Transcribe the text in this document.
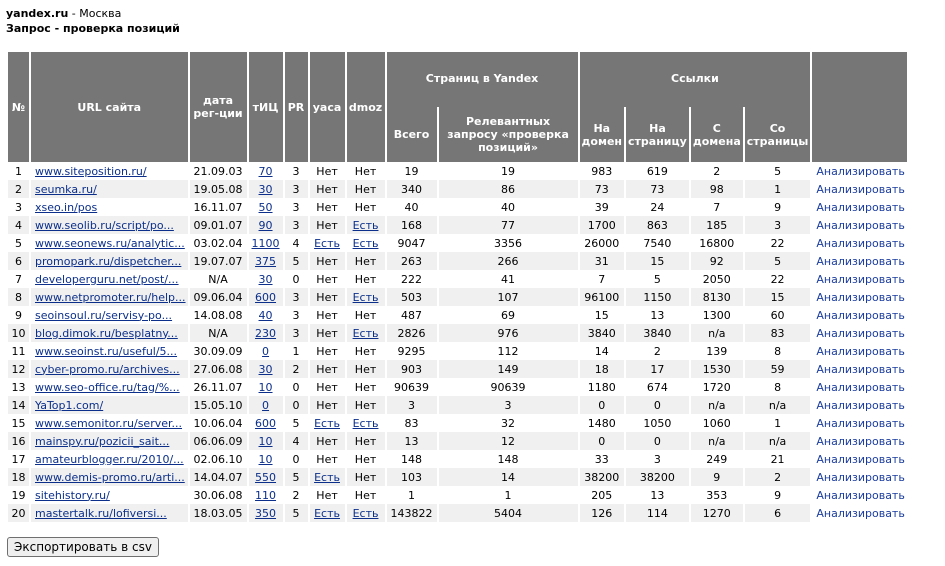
yandex.ru - Москва
Запрос - проверка позиций
№	URL сайта	дата рег-ции	тИЦ	PR	yaca	dmoz	Страниц в Yandex		Ссылки				

							Всего	Релевантных запросу «проверка позиций»	На домен	На страницу	С домена	Со страницы	
1	www.siteposition.ru/	21.09.03	70	3	Нет	Нет	19	19	983	619	2	5	Анализировать
2	seumka.ru/	19.05.08	30	3	Нет	Нет	340	86	73	73	98	1	Анализировать
3	xseo.in/pos	16.11.07	50	3	Нет	Нет	40	40	39	24	7	9	Анализировать
4	www.seolib.ru/script/po...	09.01.07	90	3	Нет	Есть	168	77	1700	863	185	3	Анализировать
5	www.seonews.ru/analytic...	03.02.04	1100	4	Есть	Есть	9047	3356	26000	7540	16800	22	Анализировать
6	promopark.ru/dispetcher...	19.07.07	375	5	Нет	Нет	263	266	31	15	92	5	Анализировать
7	developerguru.net/post/...	N/A	30	0	Нет	Нет	222	41	7	5	2050	22	Анализировать
8	www.netpromoter.ru/help...	09.06.04	600	3	Нет	Есть	503	107	96100	1150	8130	15	Анализировать
9	seoinsoul.ru/servisy-po...	14.08.08	40	3	Нет	Нет	487	69	15	13	1300	60	Анализировать
10	blog.dimok.ru/besplatny...	N/A	230	3	Нет	Есть	2826	976	3840	3840	n/a	83	Анализировать
11	www.seoinst.ru/useful/5...	30.09.09	0	1	Нет	Нет	9295	112	14	2	139	8	Анализировать
12	cyber-promo.ru/archives...	27.06.08	30	2	Нет	Нет	903	149	18	17	1530	59	Анализировать
13	www.seo-office.ru/tag/%...	26.11.07	10	0	Нет	Нет	90639	90639	1180	674	1720	8	Анализировать
14	YaTop1.com/	15.05.10	0	0	Нет	Нет	3	3	0	0	n/a	n/a	Анализировать
15	www.semonitor.ru/server...	10.06.04	600	5	Есть	Есть	83	32	1480	1050	1060	1	Анализировать
16	mainspy.ru/pozicii_sait...	06.06.09	10	4	Нет	Нет	13	12	0	0	n/a	n/a	Анализировать
17	amateurblogger.ru/2010/...	02.06.10	10	0	Нет	Нет	148	148	33	3	249	21	Анализировать
18	www.demis-promo.ru/arti...	14.04.07	550	5	Есть	Нет	103	14	38200	38200	9	2	Анализировать
19	sitehistory.ru/	30.06.08	110	2	Нет	Нет	1	1	205	13	353	9	Анализировать
20	mastertalk.ru/lofiversi...	18.03.05	350	5	Есть	Есть	143822	5404	126	114	1270	6	Анализировать
Экспортировать в csv
